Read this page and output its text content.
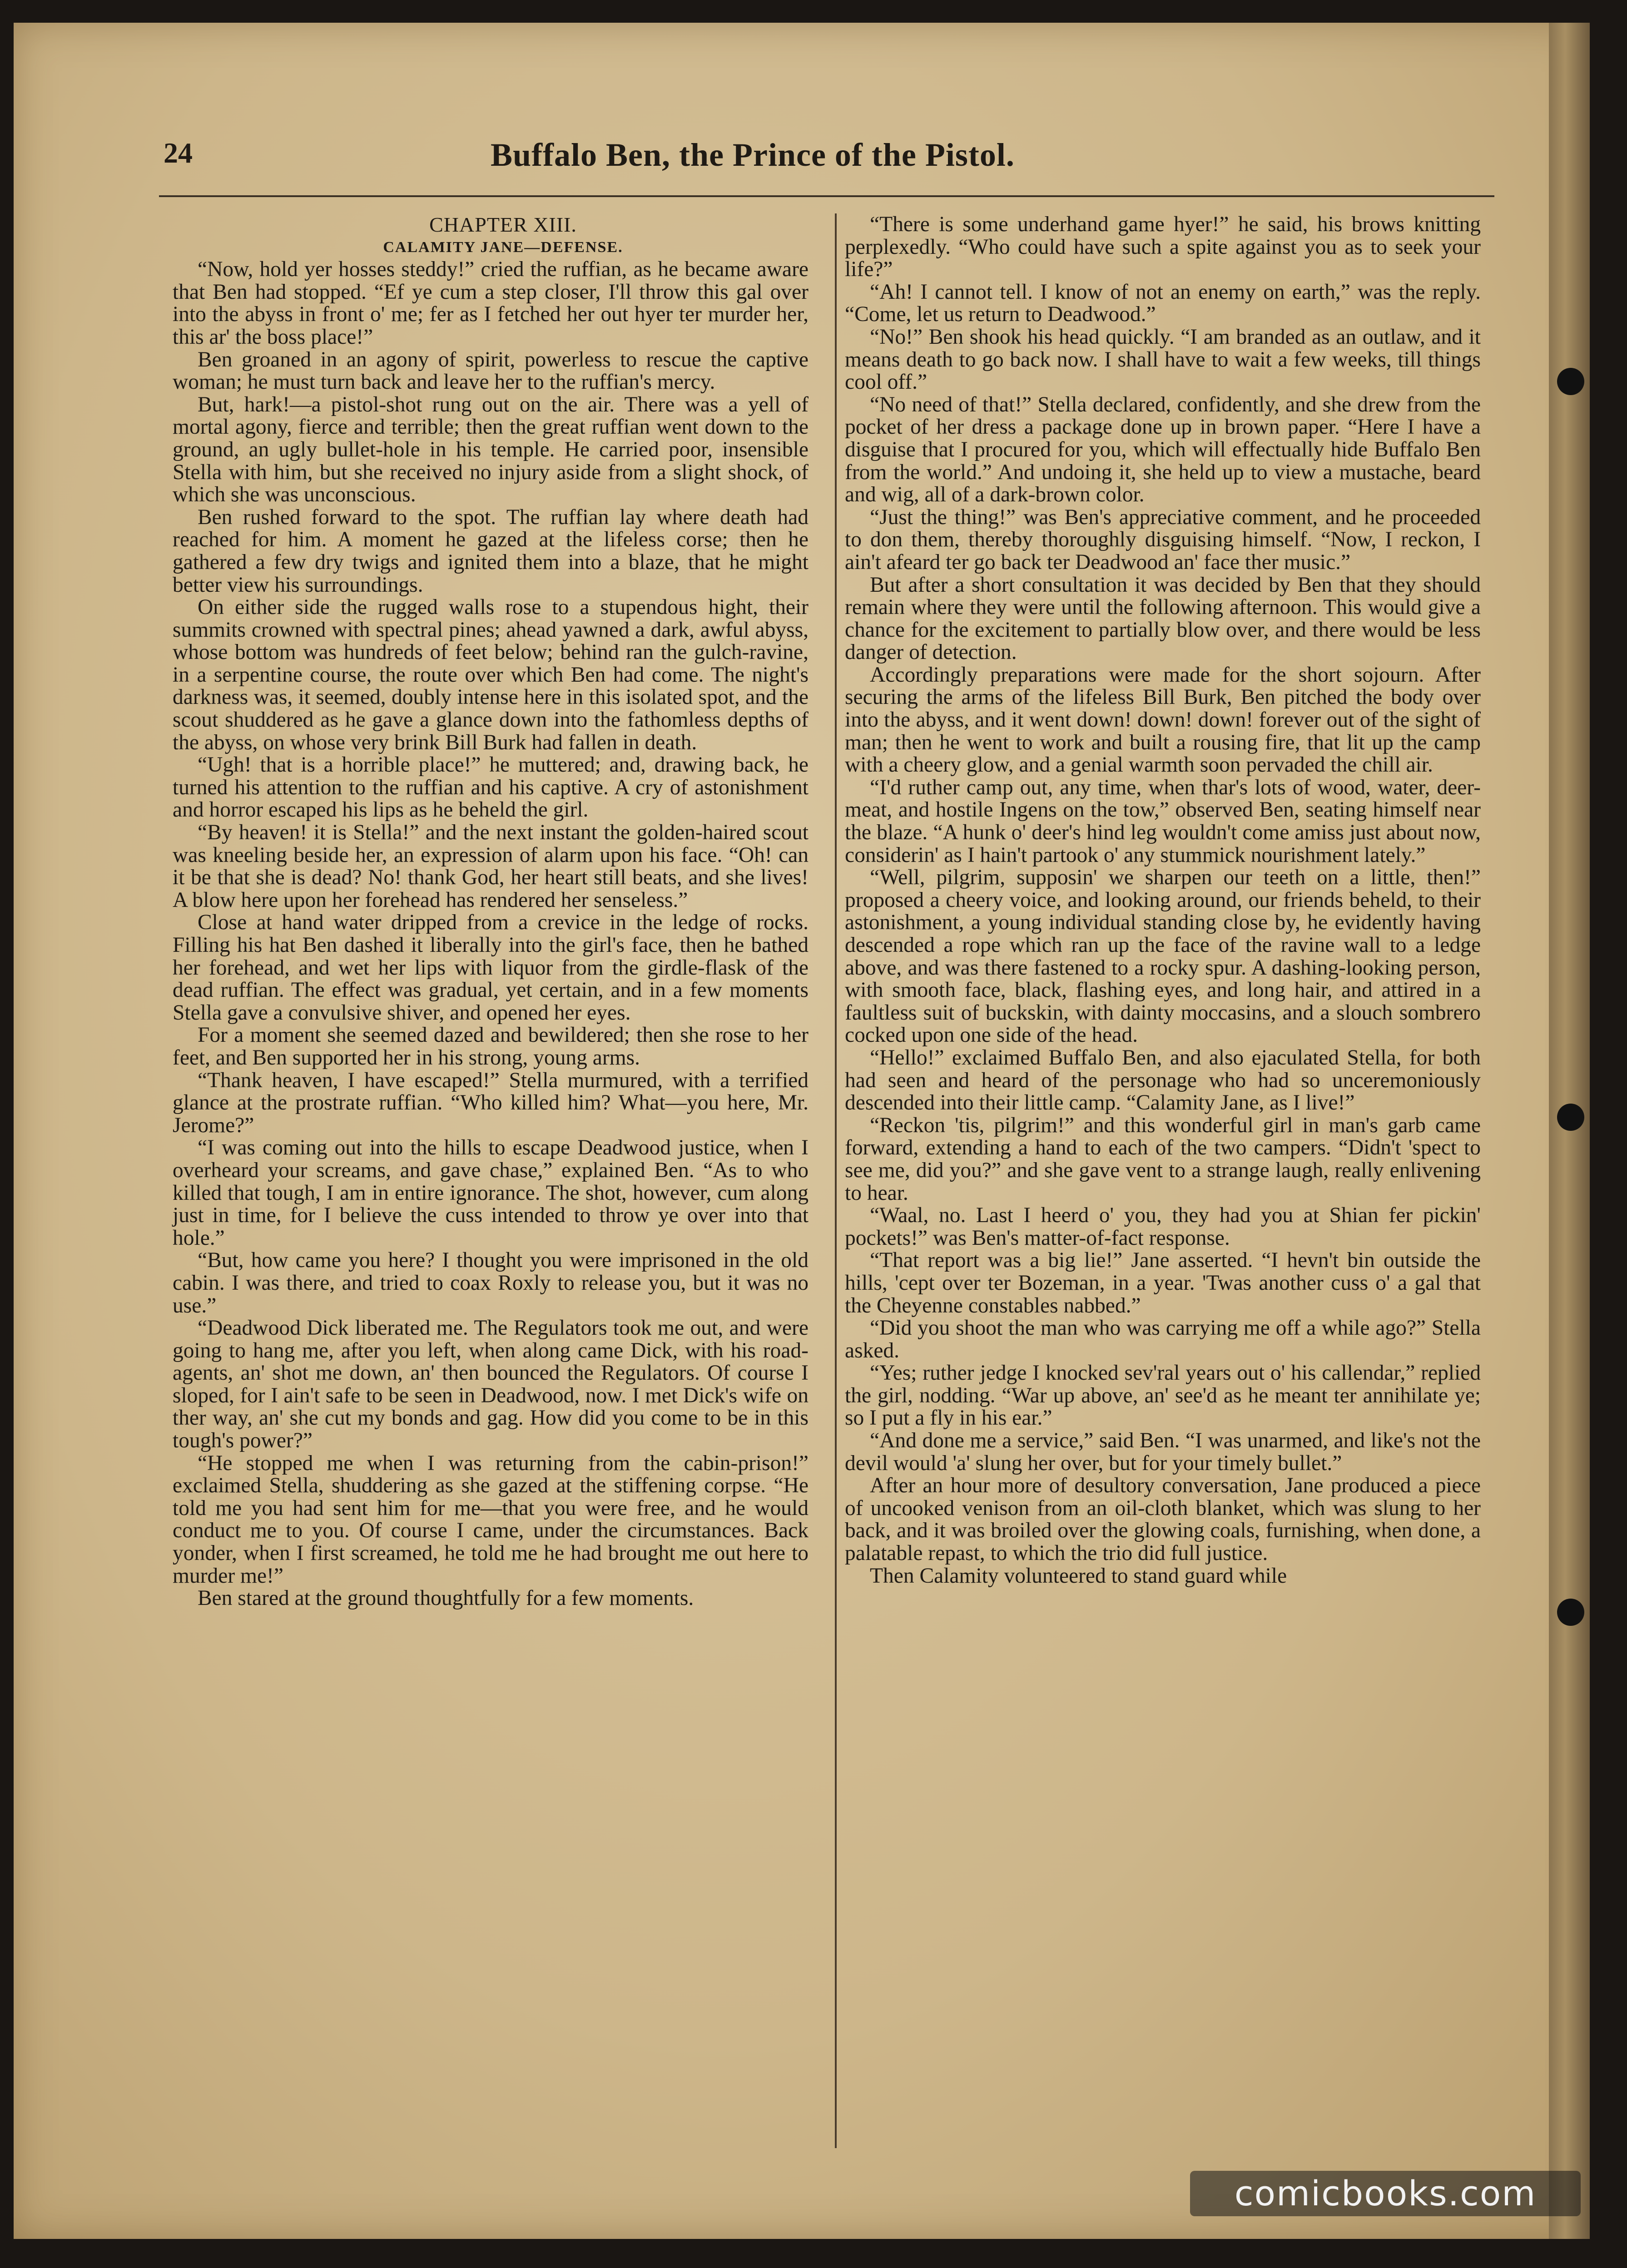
24	Buffalo Ben, the Prince of the Pistol.

CHAPTER XIII.

CALAMITY JANE—DEFENSE.

“Now, hold yer hosses steddy!” cried the ruffian, as he became aware that Ben had stopped. “Ef ye cum a step closer, I'll throw this gal over into the abyss in front o' me; fer as I fetched her out hyer ter murder her, this ar' the boss place!”

Ben groaned in an agony of spirit, powerless to rescue the captive woman; he must turn back and leave her to the ruffian's mercy.

But, hark!—a pistol-shot rung out on the air. There was a yell of mortal agony, fierce and terrible; then the great ruffian went down to the ground, an ugly bullet-hole in his temple. He carried poor, insensible Stella with him, but she received no injury aside from a slight shock, of which she was unconscious.

Ben rushed forward to the spot. The ruffian lay where death had reached for him. A moment he gazed at the lifeless corse; then he gathered a few dry twigs and ignited them into a blaze, that he might better view his surroundings.

On either side the rugged walls rose to a stupendous hight, their summits crowned with spectral pines; ahead yawned a dark, awful abyss, whose bottom was hundreds of feet below; behind ran the gulch-ravine, in a serpentine course, the route over which Ben had come. The night's darkness was, it seemed, doubly intense here in this isolated spot, and the scout shuddered as he gave a glance down into the fathomless depths of the abyss, on whose very brink Bill Burk had fallen in death.

“Ugh! that is a horrible place!” he muttered; and, drawing back, he turned his attention to the ruffian and his captive. A cry of astonishment and horror escaped his lips as he beheld the girl.

“By heaven! it is Stella!” and the next instant the golden-haired scout was kneeling beside her, an expression of alarm upon his face. “Oh! can it be that she is dead? No! thank God, her heart still beats, and she lives! A blow here upon her forehead has rendered her senseless.”

Close at hand water dripped from a crevice in the ledge of rocks. Filling his hat Ben dashed it liberally into the girl's face, then he bathed her forehead, and wet her lips with liquor from the girdle-flask of the dead ruffian. The effect was gradual, yet certain, and in a few moments Stella gave a convulsive shiver, and opened her eyes.

For a moment she seemed dazed and bewildered; then she rose to her feet, and Ben supported her in his strong, young arms.

“Thank heaven, I have escaped!” Stella murmured, with a terrified glance at the prostrate ruffian. “Who killed him? What—you here, Mr. Jerome?”

“I was coming out into the hills to escape Deadwood justice, when I overheard your screams, and gave chase,” explained Ben. “As to who killed that tough, I am in entire ignorance. The shot, however, cum along just in time, for I believe the cuss intended to throw ye over into that hole.”

“But, how came you here? I thought you were imprisoned in the old cabin. I was there, and tried to coax Roxly to release you, but it was no use.”

“Deadwood Dick liberated me. The Regulators took me out, and were going to hang me, after you left, when along came Dick, with his road-agents, an' shot me down, an' then bounced the Regulators. Of course I sloped, for I ain't safe to be seen in Deadwood, now. I met Dick's wife on ther way, an' she cut my bonds and gag. How did you come to be in this tough's power?”

“He stopped me when I was returning from the cabin-prison!” exclaimed Stella, shuddering as she gazed at the stiffening corpse. “He told me you had sent him for me—that you were free, and he would conduct me to you. Of course I came, under the circumstances. Back yonder, when I first screamed, he told me he had brought me out here to murder me!”

Ben stared at the ground thoughtfully for a few moments.

“There is some underhand game hyer!” he said, his brows knitting perplexedly. “Who could have such a spite against you as to seek your life?”

“Ah! I cannot tell. I know of not an enemy on earth,” was the reply. “Come, let us return to Deadwood.”

“No!” Ben shook his head quickly. “I am branded as an outlaw, and it means death to go back now. I shall have to wait a few weeks, till things cool off.”

“No need of that!” Stella declared, confidently, and she drew from the pocket of her dress a package done up in brown paper. “Here I have a disguise that I procured for you, which will effectually hide Buffalo Ben from the world.” And undoing it, she held up to view a mustache, beard and wig, all of a dark-brown color.

“Just the thing!” was Ben's appreciative comment, and he proceeded to don them, thereby thoroughly disguising himself. “Now, I reckon, I ain't afeard ter go back ter Deadwood an' face ther music.”

But after a short consultation it was decided by Ben that they should remain where they were until the following afternoon. This would give a chance for the excitement to partially blow over, and there would be less danger of detection.

Accordingly preparations were made for the short sojourn. After securing the arms of the lifeless Bill Burk, Ben pitched the body over into the abyss, and it went down! down! down! forever out of the sight of man; then he went to work and built a rousing fire, that lit up the camp with a cheery glow, and a genial warmth soon pervaded the chill air.

“I'd ruther camp out, any time, when thar's lots of wood, water, deer-meat, and hostile Ingens on the tow,” observed Ben, seating himself near the blaze. “A hunk o' deer's hind leg wouldn't come amiss just about now, considerin' as I hain't partook o' any stummick nourishment lately.”

“Well, pilgrim, supposin' we sharpen our teeth on a little, then!” proposed a cheery voice, and looking around, our friends beheld, to their astonishment, a young individual standing close by, he evidently having descended a rope which ran up the face of the ravine wall to a ledge above, and was there fastened to a rocky spur. A dashing-looking person, with smooth face, black, flashing eyes, and long hair, and attired in a faultless suit of buckskin, with dainty moccasins, and a slouch sombrero cocked upon one side of the head.

“Hello!” exclaimed Buffalo Ben, and also ejaculated Stella, for both had seen and heard of the personage who had so unceremoniously descended into their little camp. “Calamity Jane, as I live!”

“Reckon 'tis, pilgrim!” and this wonderful girl in man's garb came forward, extending a hand to each of the two campers. “Didn't 'spect to see me, did you?” and she gave vent to a strange laugh, really enlivening to hear.

“Waal, no. Last I heerd o' you, they had you at Shian fer pickin' pockets!” was Ben's matter-of-fact response.

“That report was a big lie!” Jane asserted. “I hevn't bin outside the hills, 'cept over ter Bozeman, in a year. 'Twas another cuss o' a gal that the Cheyenne constables nabbed.”

“Did you shoot the man who was carrying me off a while ago?” Stella asked.

“Yes; ruther jedge I knocked sev'ral years out o' his callendar,” replied the girl, nodding. “War up above, an' see'd as he meant ter annihilate ye; so I put a fly in his ear.”

“And done me a service,” said Ben. “I was unarmed, and like's not the devil would 'a' slung her over, but for your timely bullet.”

After an hour more of desultory conversation, Jane produced a piece of uncooked venison from an oil-cloth blanket, which was slung to her back, and it was broiled over the glowing coals, furnishing, when done, a palatable repast, to which the trio did full justice.

Then Calamity volunteered to stand guard while

comicbooks.com
